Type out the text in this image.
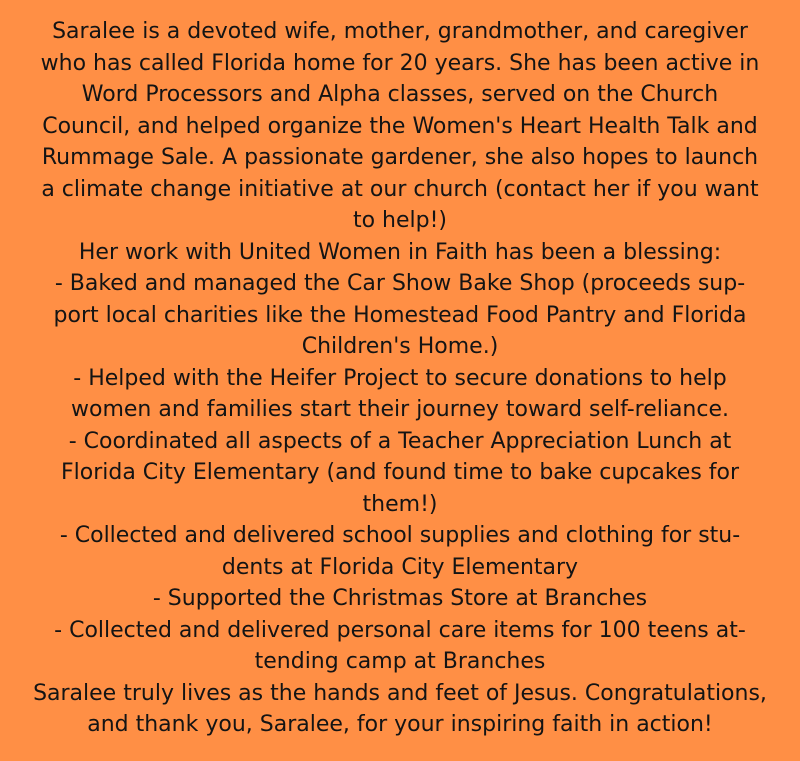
Saralee is a devoted wife, mother, grandmother, and caregiver
who has called Florida home for 20 years. She has been active in
Word Processors and Alpha classes, served on the Church
Council, and helped organize the Women's Heart Health Talk and
Rummage Sale. A passionate gardener, she also hopes to launch
a climate change initiative at our church (contact her if you want
to help!)
Her work with United Women in Faith has been a blessing:
- Baked and managed the Car Show Bake Shop (proceeds sup-
port local charities like the Homestead Food Pantry and Florida
Children's Home.)
- Helped with the Heifer Project to secure donations to help
women and families start their journey toward self-reliance.
- Coordinated all aspects of a Teacher Appreciation Lunch at
Florida City Elementary (and found time to bake cupcakes for
them!)
- Collected and delivered school supplies and clothing for stu-
dents at Florida City Elementary
- Supported the Christmas Store at Branches
- Collected and delivered personal care items for 100 teens at-
tending camp at Branches
Saralee truly lives as the hands and feet of Jesus. Congratulations,
and thank you, Saralee, for your inspiring faith in action!
